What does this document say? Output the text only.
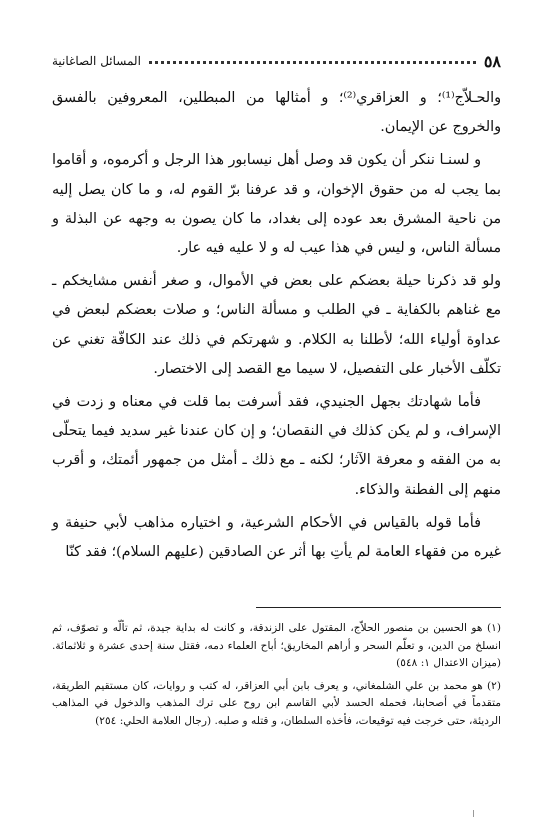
٥٨
المسائل الصاغانية

والحـلاّج⁽¹⁾؛ و العزاقري⁽²⁾؛ و أمثالها من المبطلين، المعروفين بالفسق والخروج عن الإيمان.

و لسنـا ننكر أن يكون قد وصل أهل نيسابور هذا الرجل و أكرموه، و أقاموا بما يجب له من حقوق الإخوان، و قد عرفنا برّ القوم له، و ما كان يصل إليه من ناحية المشرق بعد عوده إلى بغداد، ما كان يصون به وجهه عن البذلة و مسألة الناس، و ليس في هذا عيب له و لا عليه فيه عار.

ولو قد ذكرنا حيلة بعضكم على بعض في الأموال، و صغر أنفس مشايخكم ـ مع غناهم بالكفاية ـ في الطلب و مسألة الناس؛ و صلات بعضكم لبعض في عداوة أولياء الله؛ لأطلنا به الكلام. و شهرتكم في ذلك عند الكافّة تغني عن تكلّف الأخبار على التفصيل، لا سيما مع القصد إلى الاختصار.

فأما شهادتك بجهل الجنيدي، فقد أسرفت بما قلت في معناه و زدت في الإسراف، و لم يكن كذلك في النقصان؛ و إن كان عندنا غير سديد فيما يتحلّى به من الفقه و معرفة الآثار؛ لكنه ـ مع ذلك ـ أمثل من جمهور أئمتك، و أقرب منهم إلى الفطنة والذكاء.

فأما قوله بالقياس في الأحكام الشرعية، و اختياره مذاهب لأبي حنيفة و غيره من فقهاء العامة لم يأتِ بها أثر عن الصادقين (عليهم السلام)؛ فقد كنّا

(١) هو الحسين بن منصور الحلاّج، المقتول على الزندقة، و كانت له بداية جيدة، ثم تألّه و تصوّف، ثم انسلخ من الدين، و تعلّم السحر و أراهم المخاريق؛ أباح العلماء دمه، فقتل سنة إحدى عشرة و ثلاثمائة. (ميزان الاعتدال ١: ٥٤٨)

(٢) هو محمد بن علي الشلمغاني، و يعرف بابن أبي العزاقر، له كتب و روايات، كان مستقيم الطريقة، متقدماً في أصحابنا، فحمله الحسد لأبي القاسم ابن روح على ترك المذهب والدخول في المذاهب الرديئة، حتى خرجت فيه توقيعات، فأخذه السلطان، و قتله و صلبه. (رجال العلامة الحلي: ٢٥٤)
